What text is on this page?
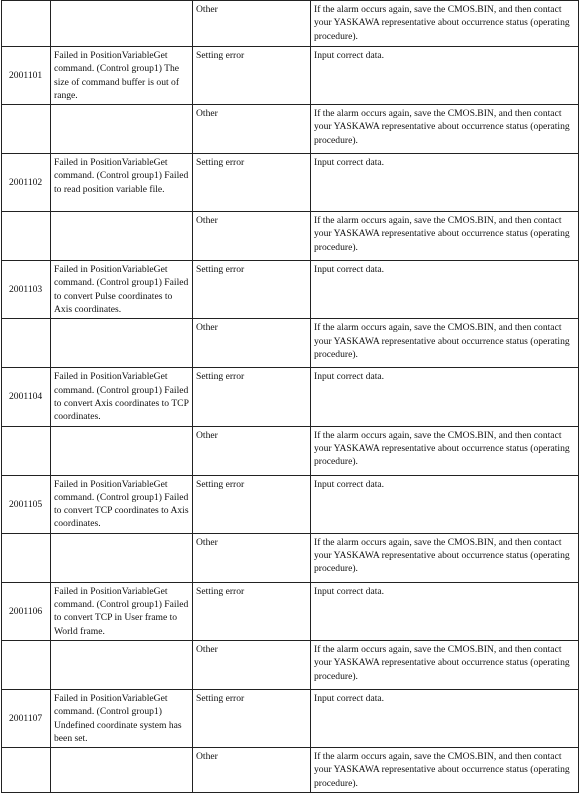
		Other	If the alarm occurs again, save the CMOS.BIN, and then contact your YASKAWA representative about occurrence status (operating procedure).
2001101	Failed in PositionVariableGet command. (Control group1) The size of command buffer is out of range.	Setting error	Input correct data.
		Other	If the alarm occurs again, save the CMOS.BIN, and then contact your YASKAWA representative about occurrence status (operating procedure).
2001102	Failed in PositionVariableGet command. (Control group1) Failed to read position variable file.	Setting error	Input correct data.
		Other	If the alarm occurs again, save the CMOS.BIN, and then contact your YASKAWA representative about occurrence status (operating procedure).
2001103	Failed in PositionVariableGet command. (Control group1) Failed to convert Pulse coordinates to Axis coordinates.	Setting error	Input correct data.
		Other	If the alarm occurs again, save the CMOS.BIN, and then contact your YASKAWA representative about occurrence status (operating procedure).
2001104	Failed in PositionVariableGet command. (Control group1) Failed to convert Axis coordinates to TCP coordinates.	Setting error	Input correct data.
		Other	If the alarm occurs again, save the CMOS.BIN, and then contact your YASKAWA representative about occurrence status (operating procedure).
2001105	Failed in PositionVariableGet command. (Control group1) Failed to convert TCP coordinates to Axis coordinates.	Setting error	Input correct data.
		Other	If the alarm occurs again, save the CMOS.BIN, and then contact your YASKAWA representative about occurrence status (operating procedure).
2001106	Failed in PositionVariableGet command. (Control group1) Failed to convert TCP in User frame to World frame.	Setting error	Input correct data.
		Other	If the alarm occurs again, save the CMOS.BIN, and then contact your YASKAWA representative about occurrence status (operating procedure).
2001107	Failed in PositionVariableGet command. (Control group1) Undefined coordinate system has been set.	Setting error	Input correct data.
		Other	If the alarm occurs again, save the CMOS.BIN, and then contact your YASKAWA representative about occurrence status (operating procedure).
